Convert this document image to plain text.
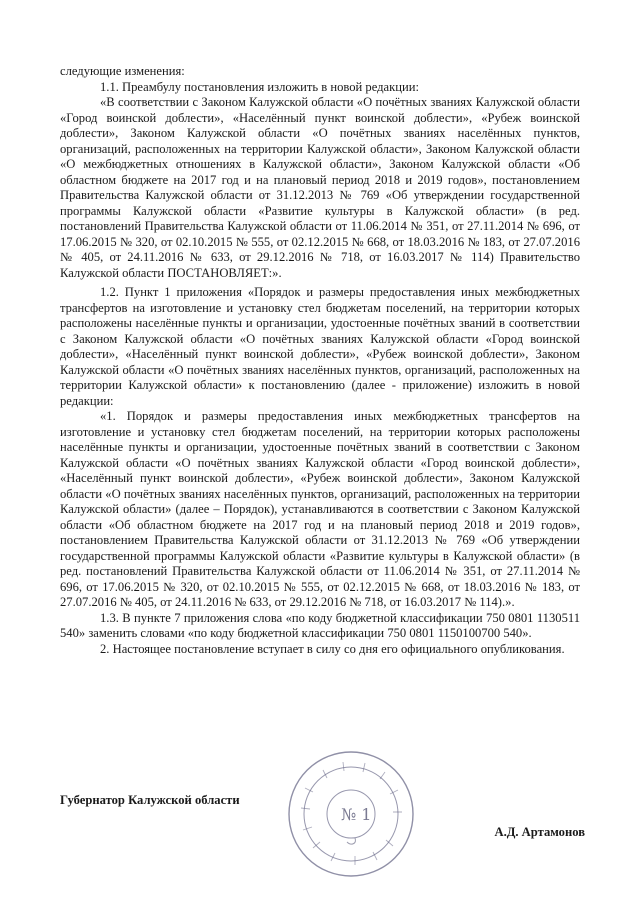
следующие изменения:

1.1. Преамбулу постановления изложить в новой редакции:

«В соответствии с Законом Калужской области «О почётных званиях Калужской области «Город воинской доблести», «Населённый пункт воинской доблести», «Рубеж воинской доблести», Законом Калужской области «О почётных званиях населённых пунктов, организаций, расположенных на территории Калужской области», Законом Калужской области «О межбюджетных отношениях в Калужской области», Законом Калужской области «Об областном бюджете на 2017 год и на плановый период 2018 и 2019 годов», постановлением Правительства Калужской области от 31.12.2013 № 769 «Об утверждении государственной программы Калужской области «Развитие культуры в Калужской области» (в ред. постановлений Правительства Калужской области от 11.06.2014 № 351, от 27.11.2014 № 696, от 17.06.2015 № 320, от 02.10.2015 № 555, от 02.12.2015 № 668, от 18.03.2016 № 183, от 27.07.2016 № 405, от 24.11.2016 № 633, от 29.12.2016 № 718, от 16.03.2017 № 114) Правительство Калужской области ПОСТАНОВЛЯЕТ:».

1.2. Пункт 1 приложения «Порядок и размеры предоставления иных межбюджетных трансфертов на изготовление и установку стел бюджетам поселений, на территории которых расположены населённые пункты и организации, удостоенные почётных званий в соответствии с Законом Калужской области «О почётных званиях Калужской области «Город воинской доблести», «Населённый пункт воинской доблести», «Рубеж воинской доблести», Законом Калужской области «О почётных званиях населённых пунктов, организаций, расположенных на территории Калужской области» к постановлению (далее - приложение) изложить в новой редакции:

«1. Порядок и размеры предоставления иных межбюджетных трансфертов на изготовление и установку стел бюджетам поселений, на территории которых расположены населённые пункты и организации, удостоенные почётных званий в соответствии с Законом Калужской области «О почётных званиях Калужской области «Город воинской доблести», «Населённый пункт воинской доблести», «Рубеж воинской доблести», Законом Калужской области «О почётных званиях населённых пунктов, организаций, расположенных на территории Калужской области» (далее – Порядок), устанавливаются в соответствии с Законом Калужской области «Об областном бюджете на 2017 год и на плановый период 2018 и 2019 годов», постановлением Правительства Калужской области от 31.12.2013 № 769 «Об утверждении государственной программы Калужской области «Развитие культуры в Калужской области» (в ред. постановлений Правительства Калужской области от 11.06.2014 № 351, от 27.11.2014 № 696, от 17.06.2015 № 320, от 02.10.2015 № 555, от 02.12.2015 № 668, от 18.03.2016 № 183, от 27.07.2016 № 405, от 24.11.2016 № 633, от 29.12.2016 № 718, от 16.03.2017 № 114).».

1.3. В пункте 7 приложения слова «по коду бюджетной классификации 750 0801 1130511 540» заменить словами «по коду бюджетной классификации 750 0801 1150100700 540».

2. Настоящее постановление вступает в силу со дня его официального опубликования.

№ 1
Губернатор Калужской области
А.Д. Артамонов
